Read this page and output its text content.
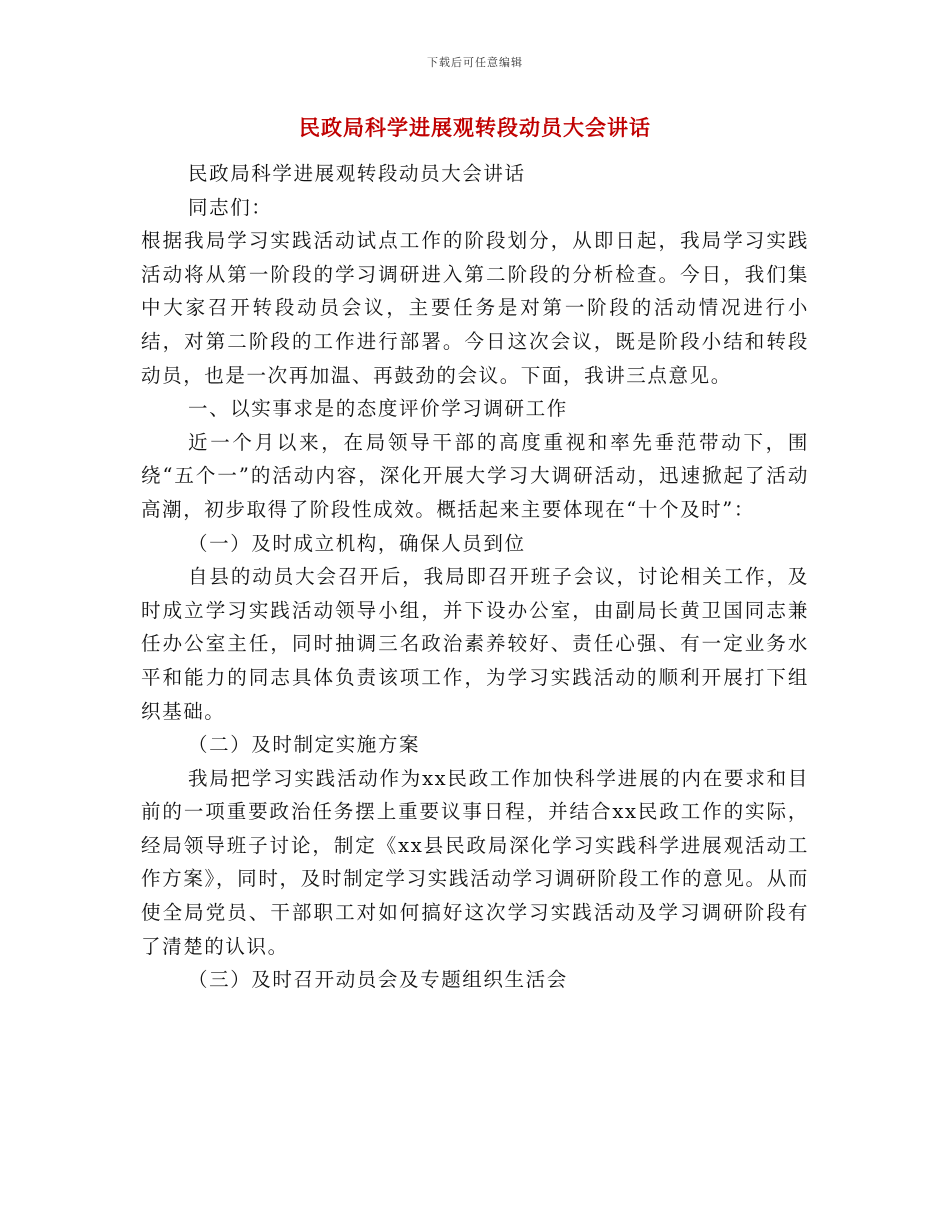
下载后可任意编辑
民政局科学进展观转段动员大会讲话

民政局科学进展观转段动员大会讲话

同志们：

根据我局学习实践活动试点工作的阶段划分，从即日起，我局学习实践活动将从第一阶段的学习调研进入第二阶段的分析检查。今日，我们集中大家召开转段动员会议，主要任务是对第一阶段的活动情况进行小结，对第二阶段的工作进行部署。今日这次会议，既是阶段小结和转段动员，也是一次再加温、再鼓劲的会议。下面，我讲三点意见。

一、以实事求是的态度评价学习调研工作

近一个月以来，在局领导干部的高度重视和率先垂范带动下，围绕“五个一”的活动内容，深化开展大学习大调研活动，迅速掀起了活动高潮，初步取得了阶段性成效。概括起来主要体现在“十个及时”：

（一）及时成立机构，确保人员到位

自县的动员大会召开后，我局即召开班子会议，讨论相关工作，及时成立学习实践活动领导小组，并下设办公室，由副局长黄卫国同志兼任办公室主任，同时抽调三名政治素养较好、责任心强、有一定业务水平和能力的同志具体负责该项工作，为学习实践活动的顺利开展打下组织基础。

（二）及时制定实施方案

我局把学习实践活动作为xx民政工作加快科学进展的内在要求和目前的一项重要政治任务摆上重要议事日程，并结合xx民政工作的实际，经局领导班子讨论，制定《xx县民政局深化学习实践科学进展观活动工作方案》，同时，及时制定学习实践活动学习调研阶段工作的意见。从而使全局党员、干部职工对如何搞好这次学习实践活动及学习调研阶段有了清楚的认识。

（三）及时召开动员会及专题组织生活会
